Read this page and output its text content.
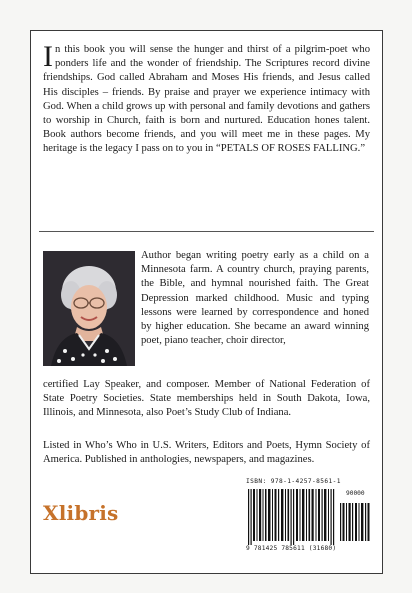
In this book you will sense the hunger and thirst of a pilgrim-poet who ponders life and the wonder of friendship. The Scriptures record divine friendships. God called Abraham and Moses His friends, and Jesus called His disciples – friends. By praise and prayer we experience intimacy with God. When a child grows up with personal and family devotions and gathers to worship in Church, faith is born and nurtured. Education hones talent. Book authors become friends, and you will meet me in these pages. My heritage is the legacy I pass on to you in “PETALS OF ROSES FALLING.”
Author began writing poetry early as a child on a Minnesota farm. A country church, praying parents, the Bible, and hymnal nourished faith. The Great Depression marked childhood. Music and typing lessons were learned by correspondence and honed by higher education. She became an award winning poet, piano teacher, choir director,
certified Lay Speaker, and composer. Member of National Federation of State Poetry Societies. State memberships held in South Dakota, Iowa, Illinois, and Minnesota, also Poet’s Study Club of Indiana.
Listed in Who’s Who in U.S. Writers, Editors and Poets, Hymn Society of America. Published in anthologies, newspapers, and magazines.
Xlibris
ISBN: 978-1-4257-8561-1
90000
9 781425 785611 (31680)
